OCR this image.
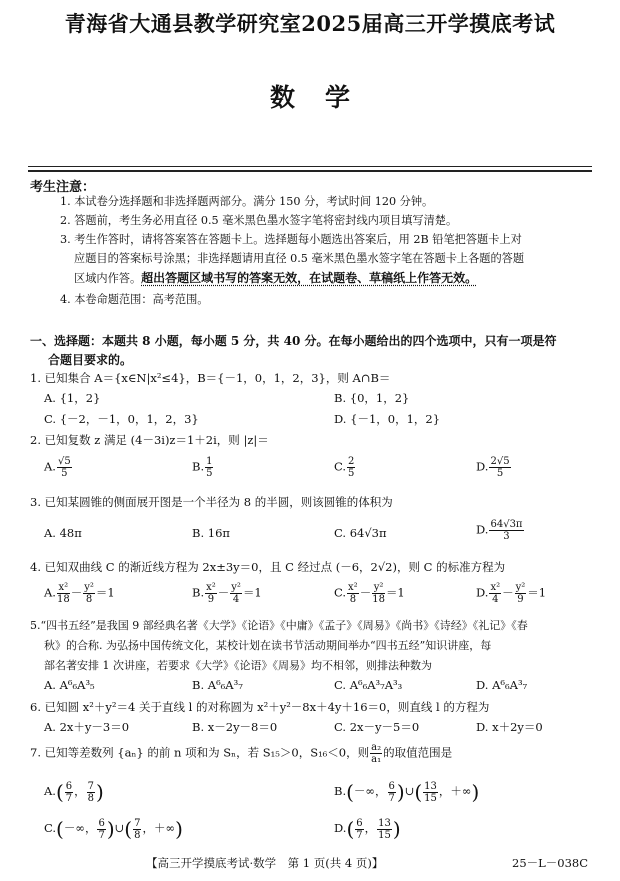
青海省大通县教学研究室2025届高三开学摸底考试
数学
考生注意：
1. 本试卷分选择题和非选择题两部分。满分 150 分，考试时间 120 分钟。
2. 答题前，考生务必用直径 0.5 毫米黑色墨水签字笔将密封线内项目填写清楚。
3. 考生作答时，请将答案答在答题卡上。选择题每小题选出答案后，用 2B 铅笔把答题卡上对
应题目的答案标号涂黑；非选择题请用直径 0.5 毫米黑色墨水签字笔在答题卡上各题的答题
区域内作答。超出答题区域书写的答案无效，在试题卷、草稿纸上作答无效。
4. 本卷命题范围：高考范围。
一、选择题：本题共 8 小题，每小题 5 分，共 40 分。在每小题给出的四个选项中，只有一项是符
合题目要求的。
1. 已知集合 A＝{x∈N|x²≤4}，B＝{－1，0，1，2，3}，则 A∩B＝
A. {1，2}	B. {0，1，2}
C. {－2，－1，0，1，2，3}	D. {－1，0，1，2}
2. 已知复数 z 满足 (4－3i)z＝1＋2i，则 |z|＝
A. $\frac{√5}{5}$	B. $\frac{1}{5}$	C. $\frac{2}{5}$	D. $\frac{2√5}{5}$
3. 已知某圆锥的侧面展开图是一个半径为 8 的半圆，则该圆锥的体积为
A. 48π	B. 16π	C. 64√3π	D. $\frac{64√3\pi}{3}$
4. 已知双曲线 C 的渐近线方程为 2x±3y＝0，且 C 经过点 (－6，2√2)，则 C 的标准方程为
A. $\frac{\text{x²}}{18} - \frac{\text{y²}}{8} =1$	B. $\frac{\text{x²}}{9} - \frac{\text{y²}}{4} =1$	C. $\frac{\text{x²}}{8} - \frac{\text{y²}}{18} =1$	D. $\frac{\text{x²}}{4} - \frac{\text{y²}}{9} =1$
5.“四书五经”是我国 9 部经典名著《大学》《论语》《中庸》《孟子》《周易》《尚书》《诗经》《礼记》《春
秋》的合称. 为弘扬中国传统文化，某校计划在读书节活动期间举办“四书五经”知识讲座，每
部名著安排 1 次讲座，若要求《大学》《论语》《周易》均不相邻，则排法种数为
A. A⁶₆A³₅	B. A⁶₆A³₇	C. A⁶₆A³₇A³₃	D. A⁶₆A³₇
6. 已知圆 x²＋y²＝4 关于直线 l 的对称圆为 x²＋y²－8x＋4y＋16＝0，则直线 l 的方程为
A. 2x＋y－3＝0	B. x－2y－8＝0	C. 2x－y－5＝0	D. x＋2y＝0
7. 已知等差数列 {aₙ} 的前 n 项和为 Sₙ，若 S₁₅＞0，S₁₆＜0，则 $\frac{\text{a₂}}{\text{a₁}}$ 的取值范围是
$A.( \frac{6}{7}$ ， $\frac{7}{8}$ )	B.(－∞， $\frac{6}{7}$ )∪( $\frac{13}{15}$ ，＋∞)
C.(－∞， $\frac{6}{7}$ )∪( $\frac{7}{8}$ ，＋∞)	$D.( \frac{6}{7}$ ， $\frac{13}{15}$ )
【高三开学摸底考试·数学　第 1 页(共 4 页)】	25－L－038C
